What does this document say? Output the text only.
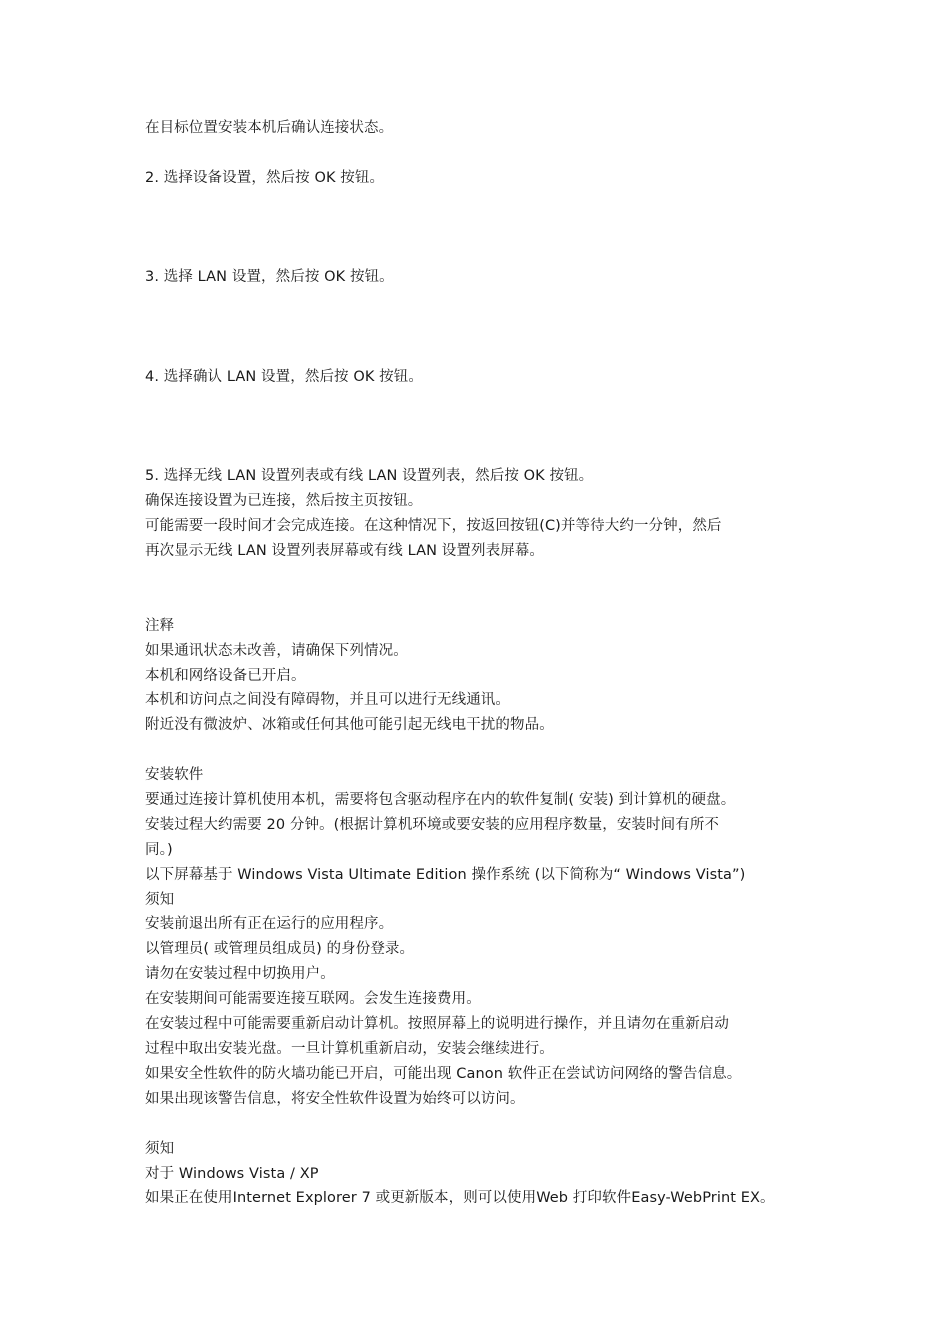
在目标位置安装本机后确认连接状态。
2. 选择设备设置，然后按 OK 按钮。
3. 选择 LAN 设置，然后按 OK 按钮。
4. 选择确认 LAN 设置，然后按 OK 按钮。
5. 选择无线 LAN 设置列表或有线 LAN 设置列表，然后按 OK 按钮。
确保连接设置为已连接，然后按主页按钮。
可能需要一段时间才会完成连接。在这种情况下，按返回按钮(C)并等待大约一分钟，然后
再次显示无线 LAN 设置列表屏幕或有线 LAN 设置列表屏幕。
注释
如果通讯状态未改善，请确保下列情况。
本机和网络设备已开启。
本机和访问点之间没有障碍物，并且可以进行无线通讯。
附近没有微波炉、冰箱或任何其他可能引起无线电干扰的物品。
安装软件
要通过连接计算机使用本机，需要将包含驱动程序在内的软件复制( 安装) 到计算机的硬盘。
安装过程大约需要 20 分钟。(根据计算机环境或要安装的应用程序数量，安装时间有所不
同。)
以下屏幕基于 Windows Vista Ultimate Edition 操作系统 (以下简称为“ Windows Vista”)
须知
安装前退出所有正在运行的应用程序。
以管理员( 或管理员组成员) 的身份登录。
请勿在安装过程中切换用户。
在安装期间可能需要连接互联网。会发生连接费用。
在安装过程中可能需要重新启动计算机。按照屏幕上的说明进行操作，并且请勿在重新启动
过程中取出安装光盘。一旦计算机重新启动，安装会继续进行。
如果安全性软件的防火墙功能已开启，可能出现 Canon 软件正在尝试访问网络的警告信息。
如果出现该警告信息，将安全性软件设置为始终可以访问。
须知
对于 Windows Vista / XP
如果正在使用Internet Explorer 7 或更新版本，则可以使用Web 打印软件Easy-WebPrint EX。
